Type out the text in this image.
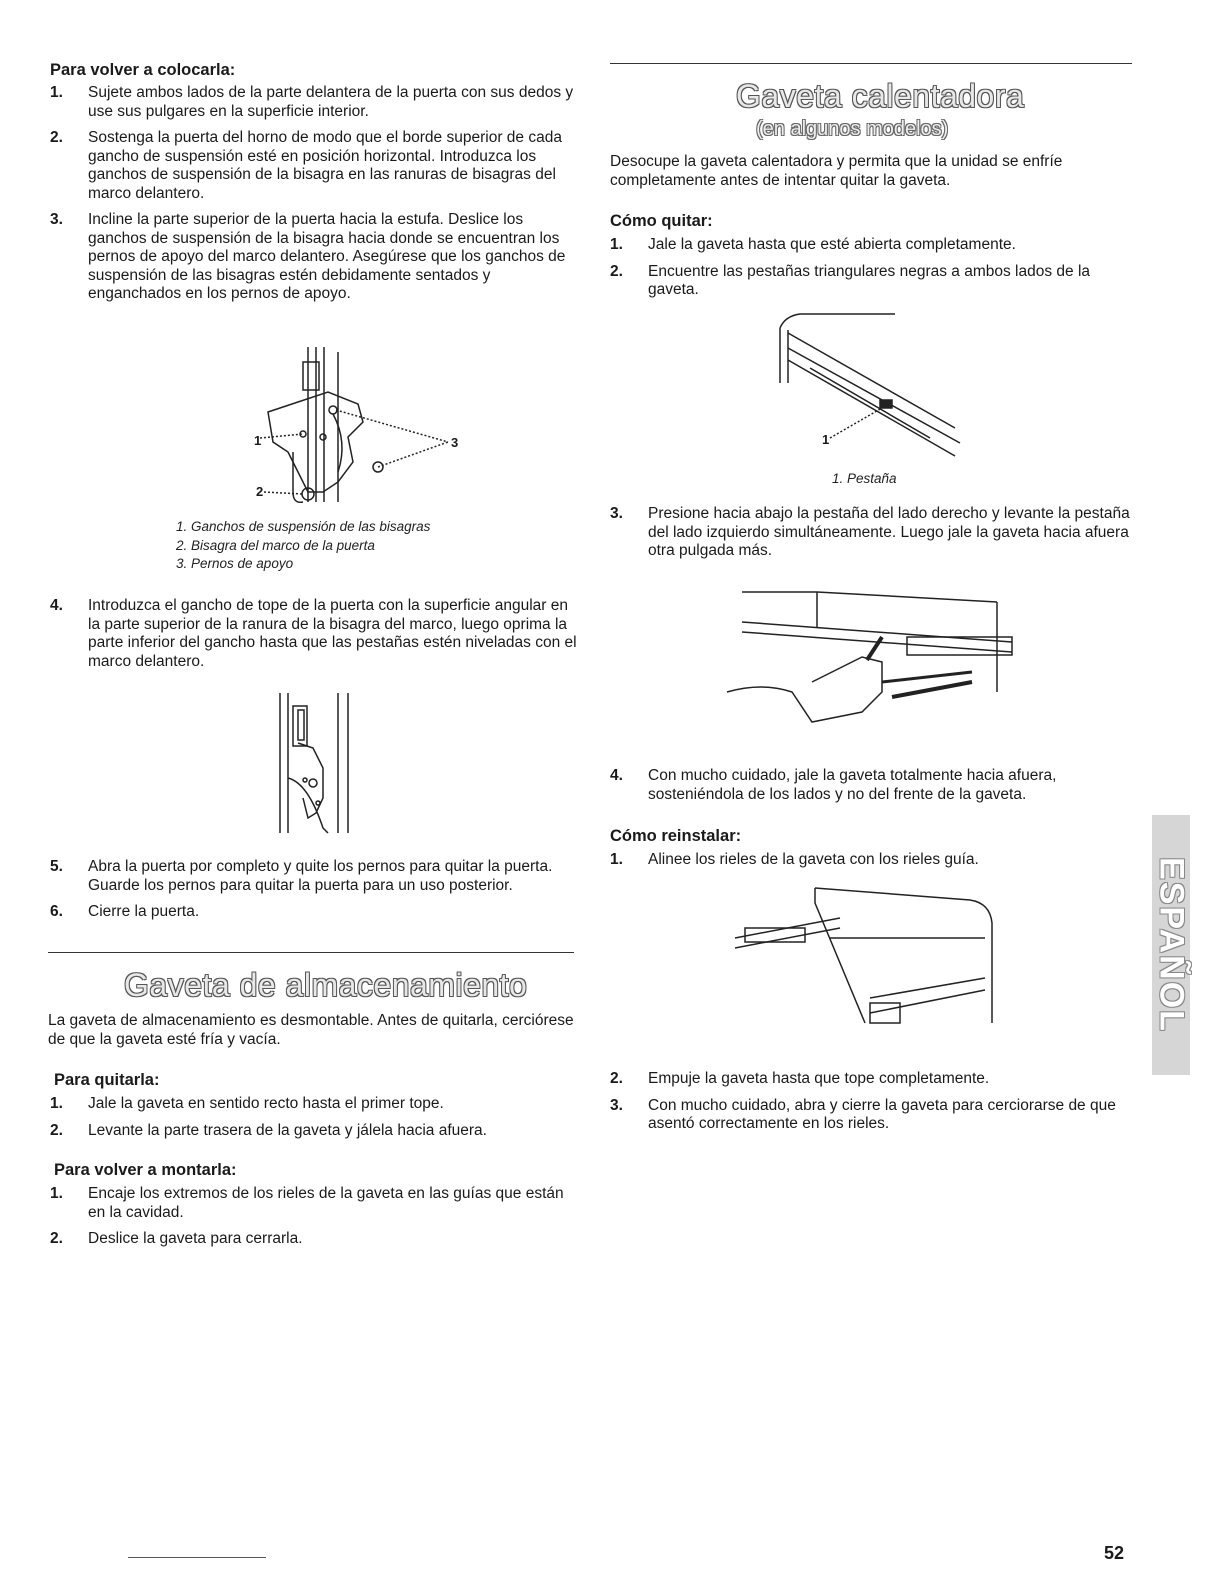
Para volver a colocarla:
1. Sujete ambos lados de la parte delantera de la puerta con sus dedos y use sus pulgares en la superficie interior.
2. Sostenga la puerta del horno de modo que el borde superior de cada gancho de suspensión esté en posición horizontal. Introduzca los ganchos de suspensión de la bisagra en las ranuras de bisagras del marco delantero.
3. Incline la parte superior de la puerta hacia la estufa. Deslice los ganchos de suspensión de la bisagra hacia donde se encuentran los pernos de apoyo del marco delantero. Asegúrese que los ganchos de suspensión de las bisagras estén debidamente sentados y enganchados en los pernos de apoyo.
1
2
3
1. Ganchos de suspensión de las bisagras
2. Bisagra del marco de la puerta
3. Pernos de apoyo
4. Introduzca el gancho de tope de la puerta con la superficie angular en la parte superior de la ranura de la bisagra del marco, luego oprima la parte inferior del gancho hasta que las pestañas estén niveladas con el marco delantero.
5. Abra la puerta por completo y quite los pernos para quitar la puerta. Guarde los pernos para quitar la puerta para un uso posterior.
6. Cierre la puerta.
Gaveta de almacenamiento

La gaveta de almacenamiento es desmontable. Antes de quitarla, cerciórese de que la gaveta esté fría y vacía.

Para quitarla:
1. Jale la gaveta en sentido recto hasta el primer tope.
2. Levante la parte trasera de la gaveta y jálela hacia afuera.
Para volver a montarla:
1. Encaje los extremos de los rieles de la gaveta en las guías que están en la cavidad.
2. Deslice la gaveta para cerrarla.
Gaveta calentadora
(en algunos modelos)

Desocupe la gaveta calentadora y permita que la unidad se enfríe completamente antes de intentar quitar la gaveta.

Cómo quitar:
1. Jale la gaveta hasta que esté abierta completamente.
2. Encuentre las pestañas triangulares negras a ambos lados de la gaveta.
1
1. Pestaña
3. Presione hacia abajo la pestaña del lado derecho y levante la pestaña del lado izquierdo simultáneamente. Luego jale la gaveta hacia afuera otra pulgada más.
4. Con mucho cuidado, jale la gaveta totalmente hacia afuera, sosteniéndola de los lados y no del frente de la gaveta.
Cómo reinstalar:
1. Alinee los rieles de la gaveta con los rieles guía.
2. Empuje la gaveta hasta que tope completamente.
3. Con mucho cuidado, abra y cierre la gaveta para cerciorarse de que asentó correctamente en los rieles.
ESPAÑOL
52
